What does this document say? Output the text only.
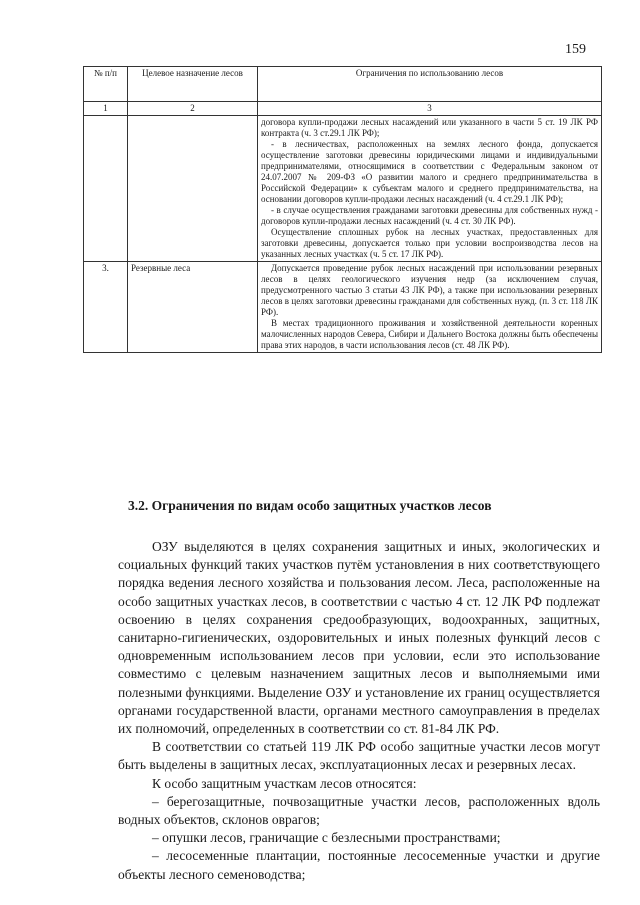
159
№ п/п	Целевое назначение лесов	Ограничения по использованию лесов
1	2	3

		договора купли-продажи лесных насаждений или указанного в части 5 ст. 19 ЛК РФ контракта (ч. 3 ст.29.1 ЛК РФ);

- в лесничествах, расположенных на землях лесного фонда, допускается осуществление заготовки древесины юридическими лицами и индивидуальными предпринимателями, относящимися в соответствии с Федеральным законом от 24.07.2007 № 209-ФЗ «О развитии малого и среднего предпринимательства в Российской Федерации» к субъектам малого и среднего предпринимательства, на основании договоров купли-продажи лесных насаждений (ч. 4 ст.29.1 ЛК РФ);

- в случае осуществления гражданами заготовки древесины для собственных нужд - договоров купли-продажи лесных насаждений (ч. 4 ст. 30 ЛК РФ).

Осуществление сплошных рубок на лесных участках, предоставленных для заготовки древесины, допускается только при условии воспроизводства лесов на указанных лесных участках (ч. 5 ст. 17 ЛК РФ).

3.	Резервные леса	Допускается проведение рубок лесных насаждений при использовании резервных лесов в целях геологического изучения недр (за исключением случая, предусмотренного частью 3 статьи 43 ЛК РФ), а также при использовании резервных лесов в целях заготовки древесины гражданами для собственных нужд. (п. 3 ст. 118 ЛК РФ).

В местах традиционного проживания и хозяйственной деятельности коренных малочисленных народов Севера, Сибири и Дальнего Востока должны быть обеспечены права этих народов, в части использования лесов (ст. 48 ЛК РФ).

3.2. Ограничения по видам особо защитных участков лесов

ОЗУ выделяются в целях сохранения защитных и иных, экологических и социальных функций таких участков путём установления в них соответствующего порядка ведения лесного хозяйства и пользования лесом. Леса, расположенные на особо защитных участках лесов, в соответствии с частью 4 ст. 12 ЛК РФ подлежат освоению в целях сохранения средообразующих, водоохранных, защитных, санитарно-гигиенических, оздоровительных и иных полезных функций лесов с одновременным использованием лесов при условии, если это использование совместимо с целевым назначением защитных лесов и выполняемыми ими полезными функциями. Выделение ОЗУ и установление их границ осуществляется органами государственной власти, органами местного самоуправления в пределах их полномочий, определенных в соответствии со ст. 81-84 ЛК РФ.

В соответствии со статьей 119 ЛК РФ особо защитные участки лесов могут быть выделены в защитных лесах, эксплуатационных лесах и резервных лесах.

К особо защитным участкам лесов относятся:

– берегозащитные, почвозащитные участки лесов, расположенных вдоль водных объектов, склонов оврагов;

– опушки лесов, граничащие с безлесными пространствами;

– лесосеменные плантации, постоянные лесосеменные участки и другие объекты лесного семеноводства;
